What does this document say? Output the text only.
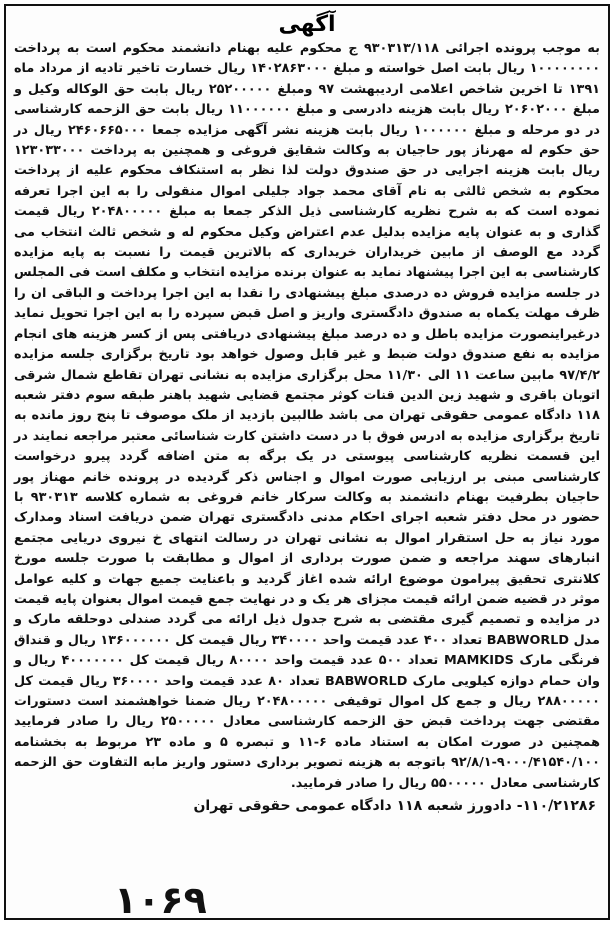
آگهی
به موجب پرونده اجرائی ۹۳۰۳۱۳/۱۱۸ ج محکوم علیه بهنام دانشمند محکوم است به پرداخت ۱۰۰۰۰۰۰۰۰ ریال بابت اصل خواسته و مبلغ ۱۴۰۲۸۶۳۰۰۰ ریال خسارت تاخیر تادیه از مرداد ماه ۱۳۹۱ تا اخرین شاخص اعلامی اردیبهشت ۹۷ ومبلغ ۲۵۲۰۰۰۰۰ ریال بابت حق الوکاله وکیل و مبلغ ۲۰۶۰۲۰۰۰ ریال بابت هزینه دادرسی و مبلغ ۱۱۰۰۰۰۰۰ ریال بابت حق الزحمه کارشناسی در دو مرحله و مبلغ ۱۰۰۰۰۰۰ ریال بابت هزینه نشر آگهی مزایده جمعا ۲۴۶۰۶۶۵۰۰۰ ریال در حق حکوم له مهرناز پور حاجیان به وکالت شقایق فروغی و همچنین به پرداخت ۱۲۳۰۳۳۰۰۰ ریال بابت هزینه اجرایی در حق صندوق دولت لذا نظر به استنکاف محکوم علیه از پرداخت محکوم به شخص ثالثی به نام آقای محمد جواد جلیلی اموال منقولی را به این اجرا تعرفه نموده است که به شرح نظریه کارشناسی ذیل الذکر جمعا به مبلغ ۲۰۴۸۰۰۰۰۰ ریال قیمت گذاری و به عنوان پایه مزایده بدلیل عدم اعتراض وکیل محکوم له و شخص ثالث انتخاب می گردد مع الوصف از مابین خریداران خریداری که بالاترین قیمت را نسبت به پایه مزایده کارشناسی به این اجرا پیشنهاد نماید به عنوان برنده مزایده انتخاب و مکلف است فی المجلس در جلسه مزایده فروش ده درصدی مبلغ پیشنهادی را نقدا به این اجرا پرداخت و الباقی ان را ظرف مهلت یکماه به صندوق دادگستری واریز و اصل قبض سپرده را به این اجرا تحویل نماید درغیراینصورت مزایده باطل و ده درصد مبلغ پیشنهادی دریافتی پس از کسر هزینه های انجام مزایده به نفع صندوق دولت ضبط و غیر قابل وصول خواهد بود تاریخ برگزاری جلسه مزایده ۹۷/۴/۲ مابین ساعت ۱۱ الی ۱۱/۳۰ محل برگزاری مزایده به نشانی تهران تقاطع شمال شرقی اتوبان باقری و شهید زین الدین قنات کوثر مجتمع قضایی شهید باهنر طبقه سوم دفتر شعبه ۱۱۸ دادگاه عمومی حقوقی تهران می باشد طالبین بازدید از ملک موصوف تا پنج روز مانده به تاریخ برگزاری مزایده به ادرس فوق با در دست داشتن کارت شناسائی معتبر مراجعه نمایند در این قسمت نظریه کارشناسی پیوستی در یک برگه به متن اضافه گردد پیرو درخواست کارشناسی مبنی بر ارزیابی صورت اموال و اجناس ذکر گردیده در پرونده خانم مهناز پور حاجیان بطرفیت بهنام دانشمند به وکالت سرکار خانم فروغی به شماره کلاسه ۹۳۰۳۱۳ با حضور در محل دفتر شعبه اجرای احکام مدنی دادگستری تهران ضمن دریافت اسناد ومدارک مورد نیاز به حل استقرار اموال به نشانی تهران در رسالت انتهای خ نیروی دریایی مجتمع انبارهای سهند مراجعه و ضمن صورت برداری از اموال و مطابقت با صورت جلسه مورخ کلانتری تحقیق پیرامون موضوع ارائه شده اغاز گردید و باعنایت جمیع جهات و کلیه عوامل موثر در قضیه ضمن ارائه قیمت مجزای هر یک و در نهایت جمع قیمت اموال بعنوان پایه قیمت در مزایده و تصمیم گیری مقتضی به شرح جدول ذیل ارائه می گردد صندلی دوحلقه مارک و مدل BABWORLD تعداد ۴۰۰ عدد قیمت واحد ۳۴۰۰۰۰ ریال قیمت کل ۱۳۶۰۰۰۰۰۰ ریال و قنداق فرنگی مارک MAMKIDS تعداد ۵۰۰ عدد قیمت واحد ۸۰۰۰۰ ریال قیمت کل ۴۰۰۰۰۰۰۰ ریال و وان حمام دوازه کیلویی مارک BABWORLD تعداد ۸۰ عدد قیمت واحد ۳۶۰۰۰۰ ریال قیمت کل ۲۸۸۰۰۰۰۰ ریال و جمع کل اموال توقیفی ۲۰۴۸۰۰۰۰۰ ریال ضمنا خواهشمند است دستورات مقتضی جهت پرداخت قبض حق الزحمه کارشناسی معادل ۲۵۰۰۰۰۰ ریال را صادر فرمایید همچنین در صورت امکان به استناد ماده ۶-۱۱ و تبصره ۵ و ماده ۲۳ مربوط به بخشنامه ۹۰۰۰/۴۱۵۴۰/۱۰۰-۹۲/۸/۱ باتوجه به هزینه تصویر برداری دستور واریز مابه التفاوت حق الزحمه کارشناسی معادل ۵۵۰۰۰۰۰ ریال را صادر فرمایید.
۱۱۰/۲۱۲۸۶- دادورز شعبه ۱۱۸ دادگاه عمومی حقوقی تهران
۱۰۶۹
